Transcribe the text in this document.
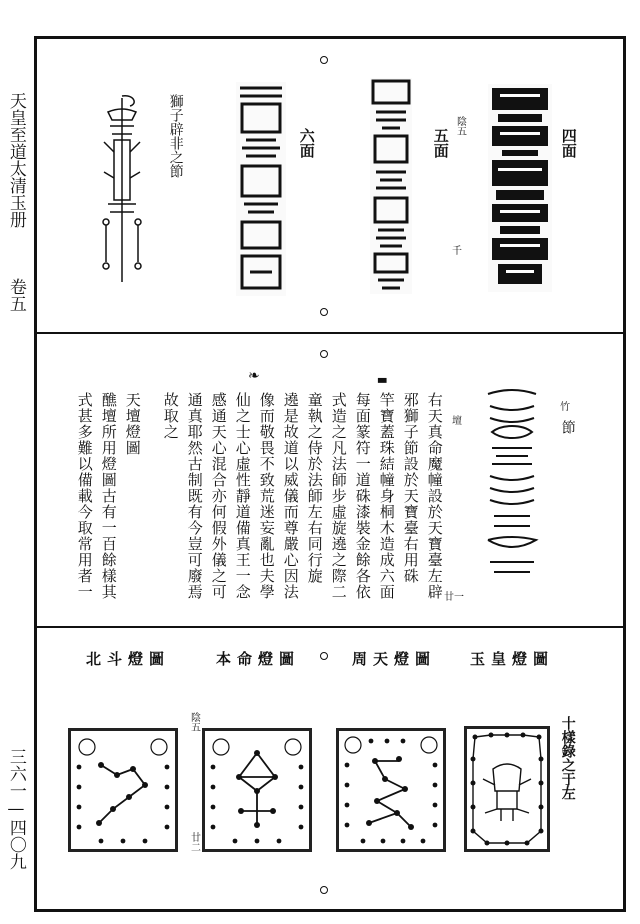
天皇至道太清玉册
卷五
三六一—四〇九
四面
五面
陰五
千
六面
獅子辟非之節
節
竹
壇
廿一
❧	▃
右天真命魔幢設於天寶臺左辟
邪獅子節設於天寶臺右用硃
竿寶蓋珠結幢身桐木造成六面
每面篆符一道硃漆裝金餘各依
式造之凡法師步虛旋遶之際二
童執之侍於法師左右同行旋
遶是故道以威儀而尊嚴心因法
像而敬畏不致荒迷妄亂也夫學
仙之士心虛性靜道備真王一念
感通天心混合亦何假外儀之可
通真耶然古制既有今豈可廢焉
故取之
天壇燈圖
醮壇所用燈圖古有一百餘樣其
式甚多難以備載今取常用者一
玉皇燈圖
周天燈圖
本命燈圖
北斗燈圖
十樣錄之于左
陰五
廿二
